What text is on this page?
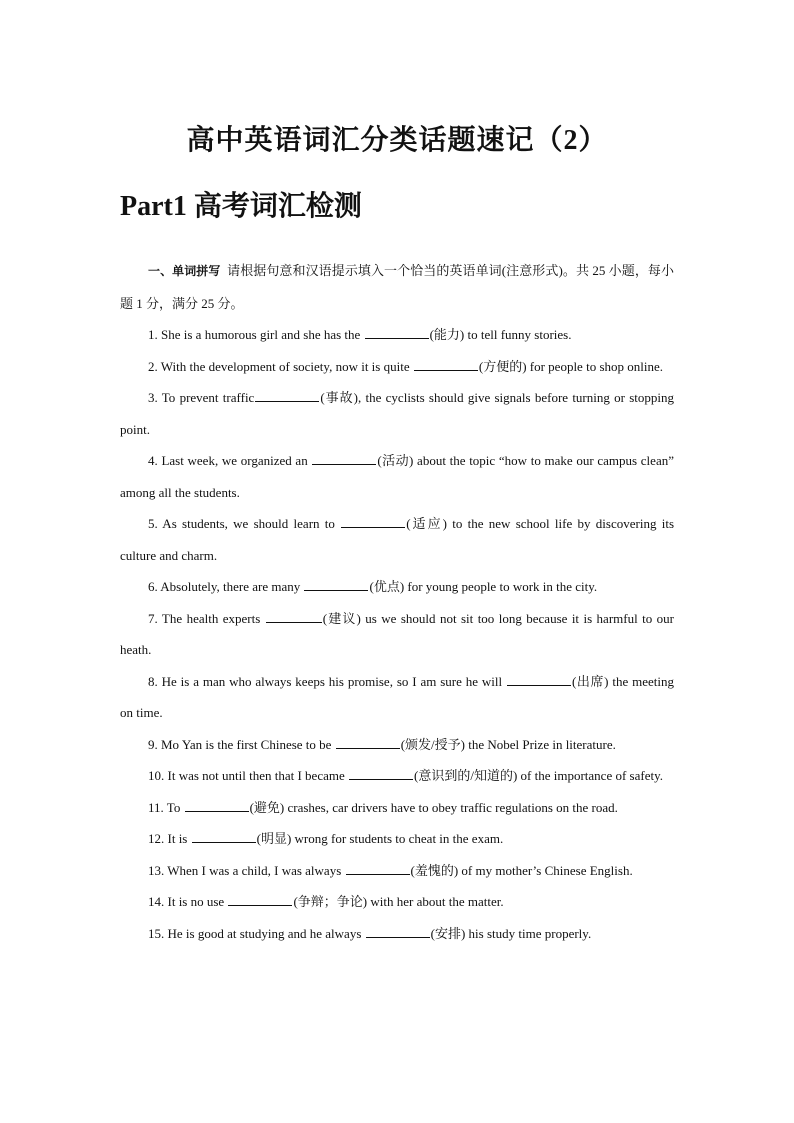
高中英语词汇分类话题速记（2）
Part1 高考词汇检测

一、单词拼写 请根据句意和汉语提示填入一个恰当的英语单词(注意形式)。共 25 小题，每小题 1 分，满分 25 分。

1. She is a humorous girl and she has the	(能力) to tell funny stories.

2. With the development of society, now it is quite	(方便的) for people to shop online.

3. To prevent traffic	(事故), the cyclists should give signals before turning or stopping point.

4. Last week, we organized an	(活动) about the topic “how to make our campus clean” among all the students.

5. As students, we should learn to	(适应) to the new school life by discovering its culture and charm.

6. Absolutely, there are many	(优点) for young people to work in the city.

7. The health experts	(建议) us we should not sit too long because it is harmful to our heath.

8. He is a man who always keeps his promise, so I am sure he will	(出席) the meeting on time.

9. Mo Yan is the first Chinese to be	(颁发/授予) the Nobel Prize in literature.

10. It was not until then that I became	(意识到的/知道的) of the importance of safety.

11. To	(避免) crashes, car drivers have to obey traffic regulations on the road.

12. It is	(明显) wrong for students to cheat in the exam.

13. When I was a child, I was always	(羞愧的) of my mother’s Chinese English.

14. It is no use	(争辩；争论) with her about the matter.

15. He is good at studying and he always	(安排) his study time properly.
